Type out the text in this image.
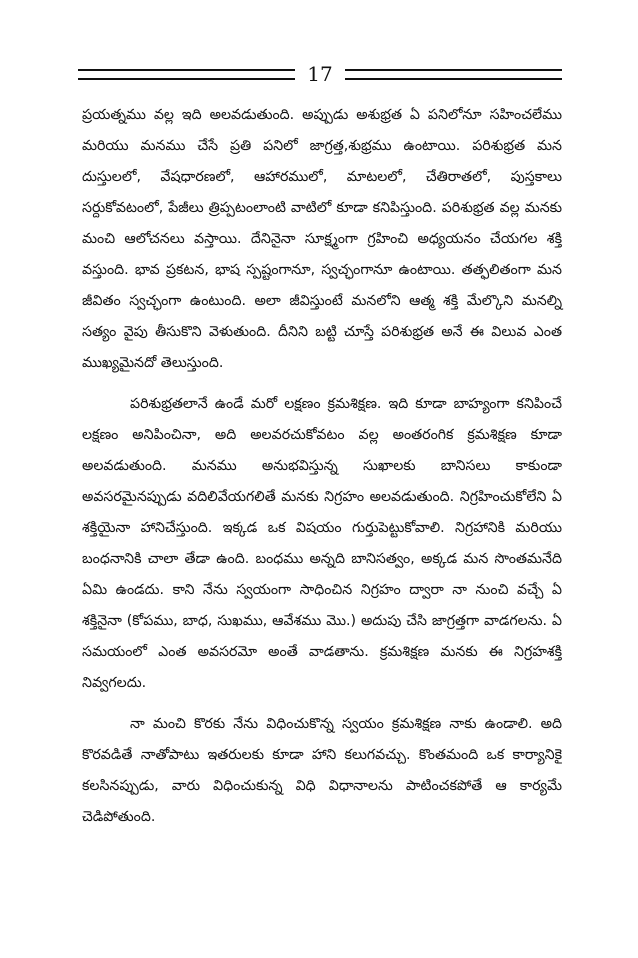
17

ప్రయత్నము వల్ల ఇది అలవడుతుంది. అప్పుడు అశుభ్రత ఏ పనిలోనూ సహించలేము మరియు మనము చేసే ప్రతి పనిలో జాగ్రత్త,శుభ్రము ఉంటాయి. పరిశుభ్రత మన దుస్తులలో, వేషధారణలో, ఆహారములో, మాటలలో, చేతిరాతలో, పుస్తకాలు సర్దుకోవటంలో, పేజీలు త్రిప్పటంలాంటి వాటిలో కూడా కనిపిస్తుంది. పరిశుభ్రత వల్ల మనకు మంచి ఆలోచనలు వస్తాయి. దేనినైనా సూక్ష్మంగా గ్రహించి అధ్యయనం చేయగల శక్తి వస్తుంది. భావ ప్రకటన, భాష స్పష్టంగానూ, స్వచ్ఛంగానూ ఉంటాయి. తత్ఫలితంగా మన జీవితం స్వచ్ఛంగా ఉంటుంది. అలా జీవిస్తుంటే మనలోని ఆత్మ శక్తి మేల్కొని మనల్ని సత్యం వైపు తీసుకొని వెళుతుంది. దీనిని బట్టి చూస్తే పరిశుభ్రత అనే ఈ విలువ ఎంత ముఖ్యమైనదో తెలుస్తుంది.

పరిశుభ్రతలానే ఉండే మరో లక్షణం క్రమశిక్షణ. ఇది కూడా బాహ్యంగా కనిపించే లక్షణం అనిపించినా, అది అలవరచుకోవటం వల్ల అంతరంగిక క్రమశిక్షణ కూడా అలవడుతుంది. మనము అనుభవిస్తున్న సుఖాలకు బానిసలు కాకుండా అవసరమైనప్పుడు వదిలివేయగలితే మనకు నిగ్రహం అలవడుతుంది. నిగ్రహించుకోలేని ఏ శక్తియైనా హానిచేస్తుంది. ఇక్కడ ఒక విషయం గుర్తుపెట్టుకోవాలి. నిగ్రహానికి మరియు బంధనానికి చాలా తేడా ఉంది. బంధము అన్నది బానిసత్వం, అక్కడ మన సొంతమనేది ఏమి ఉండదు. కాని నేను స్వయంగా సాధించిన నిగ్రహం ద్వారా నా నుంచి వచ్చే ఏ శక్తినైనా (కోపము, బాధ, సుఖము, ఆవేశము మొ.) అదుపు చేసి జాగ్రత్తగా వాడగలను. ఏ సమయంలో ఎంత అవసరమో అంతే వాడతాను. క్రమశిక్షణ మనకు ఈ నిగ్రహశక్తి నివ్వగలదు.

నా మంచి కొరకు నేను విధించుకొన్న స్వయం క్రమశిక్షణ నాకు ఉండాలి. అది కొరవడితే నాతోపాటు ఇతరులకు కూడా హాని కలుగవచ్చు. కొంతమంది ఒక కార్యానికై కలసినప్పుడు, వారు విధించుకున్న విధి విధానాలను పాటించకపోతే ఆ కార్యమే చెడిపోతుంది.
